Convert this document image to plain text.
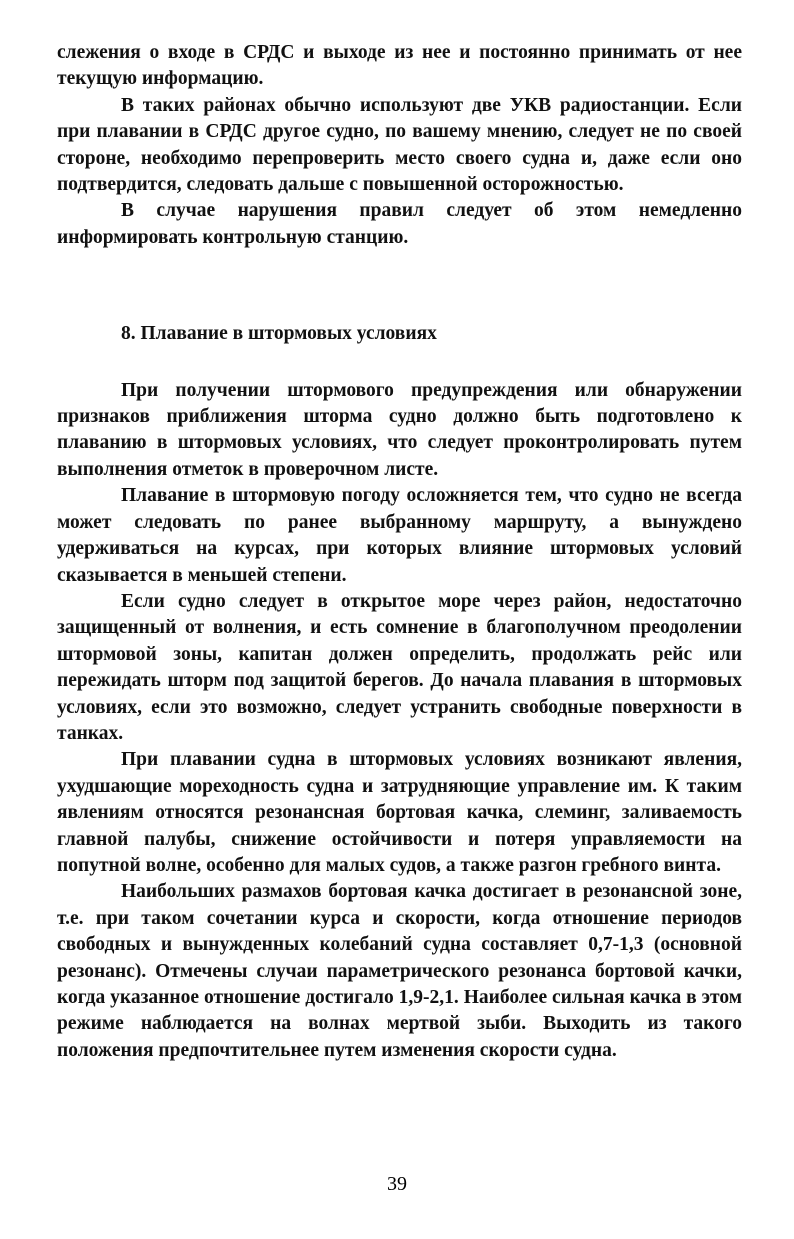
слежения о входе в СРДС и выходе из нее и постоянно принимать от нее текущую информацию.

В таких районах обычно используют две УКВ радиостанции. Если при плавании в СРДС другое судно, по вашему мнению, следует не по своей стороне, необходимо перепроверить место своего судна и, даже если оно подтвердится, следовать дальше с повышенной осторожностью.

В случае нарушения правил следует об этом немедленно информировать контрольную станцию.

8. Плавание в штормовых условиях

При получении штормового предупреждения или обнаружении признаков приближения шторма судно должно быть подготовлено к плаванию в штормовых условиях, что следует проконтролировать путем выполнения отметок в проверочном листе.

Плавание в штормовую погоду осложняется тем, что судно не всегда может следовать по ранее выбранному маршруту, а вынуждено удерживаться на курсах, при которых влияние штормовых условий сказывается в меньшей степени.

Если судно следует в открытое море через район, недостаточно защищенный от волнения, и есть сомнение в благополучном преодолении штормовой зоны, капитан должен определить, продолжать рейс или пережидать шторм под защитой берегов. До начала плавания в штормовых условиях, если это возможно, следует устранить свободные поверхности в танках.

При плавании судна в штормовых условиях возникают явления, ухудшающие мореходность судна и затрудняющие управление им. К таким явлениям относятся резонансная бортовая качка, слеминг, заливаемость главной палубы, снижение остойчивости и потеря управляемости на попутной волне, особенно для малых судов, а также разгон гребного винта.

Наибольших размахов бортовая качка достигает в резонансной зоне, т.е. при таком сочетании курса и скорости, когда отношение периодов свободных и вынужденных колебаний судна составляет 0,7-1,3 (основной резонанс). Отмечены случаи параметрического резонанса бортовой качки, когда указанное отношение достигало 1,9-2,1. Наиболее сильная качка в этом режиме наблюдается на волнах мертвой зыби. Выходить из такого положения предпочтительнее путем изменения скорости судна.

39
